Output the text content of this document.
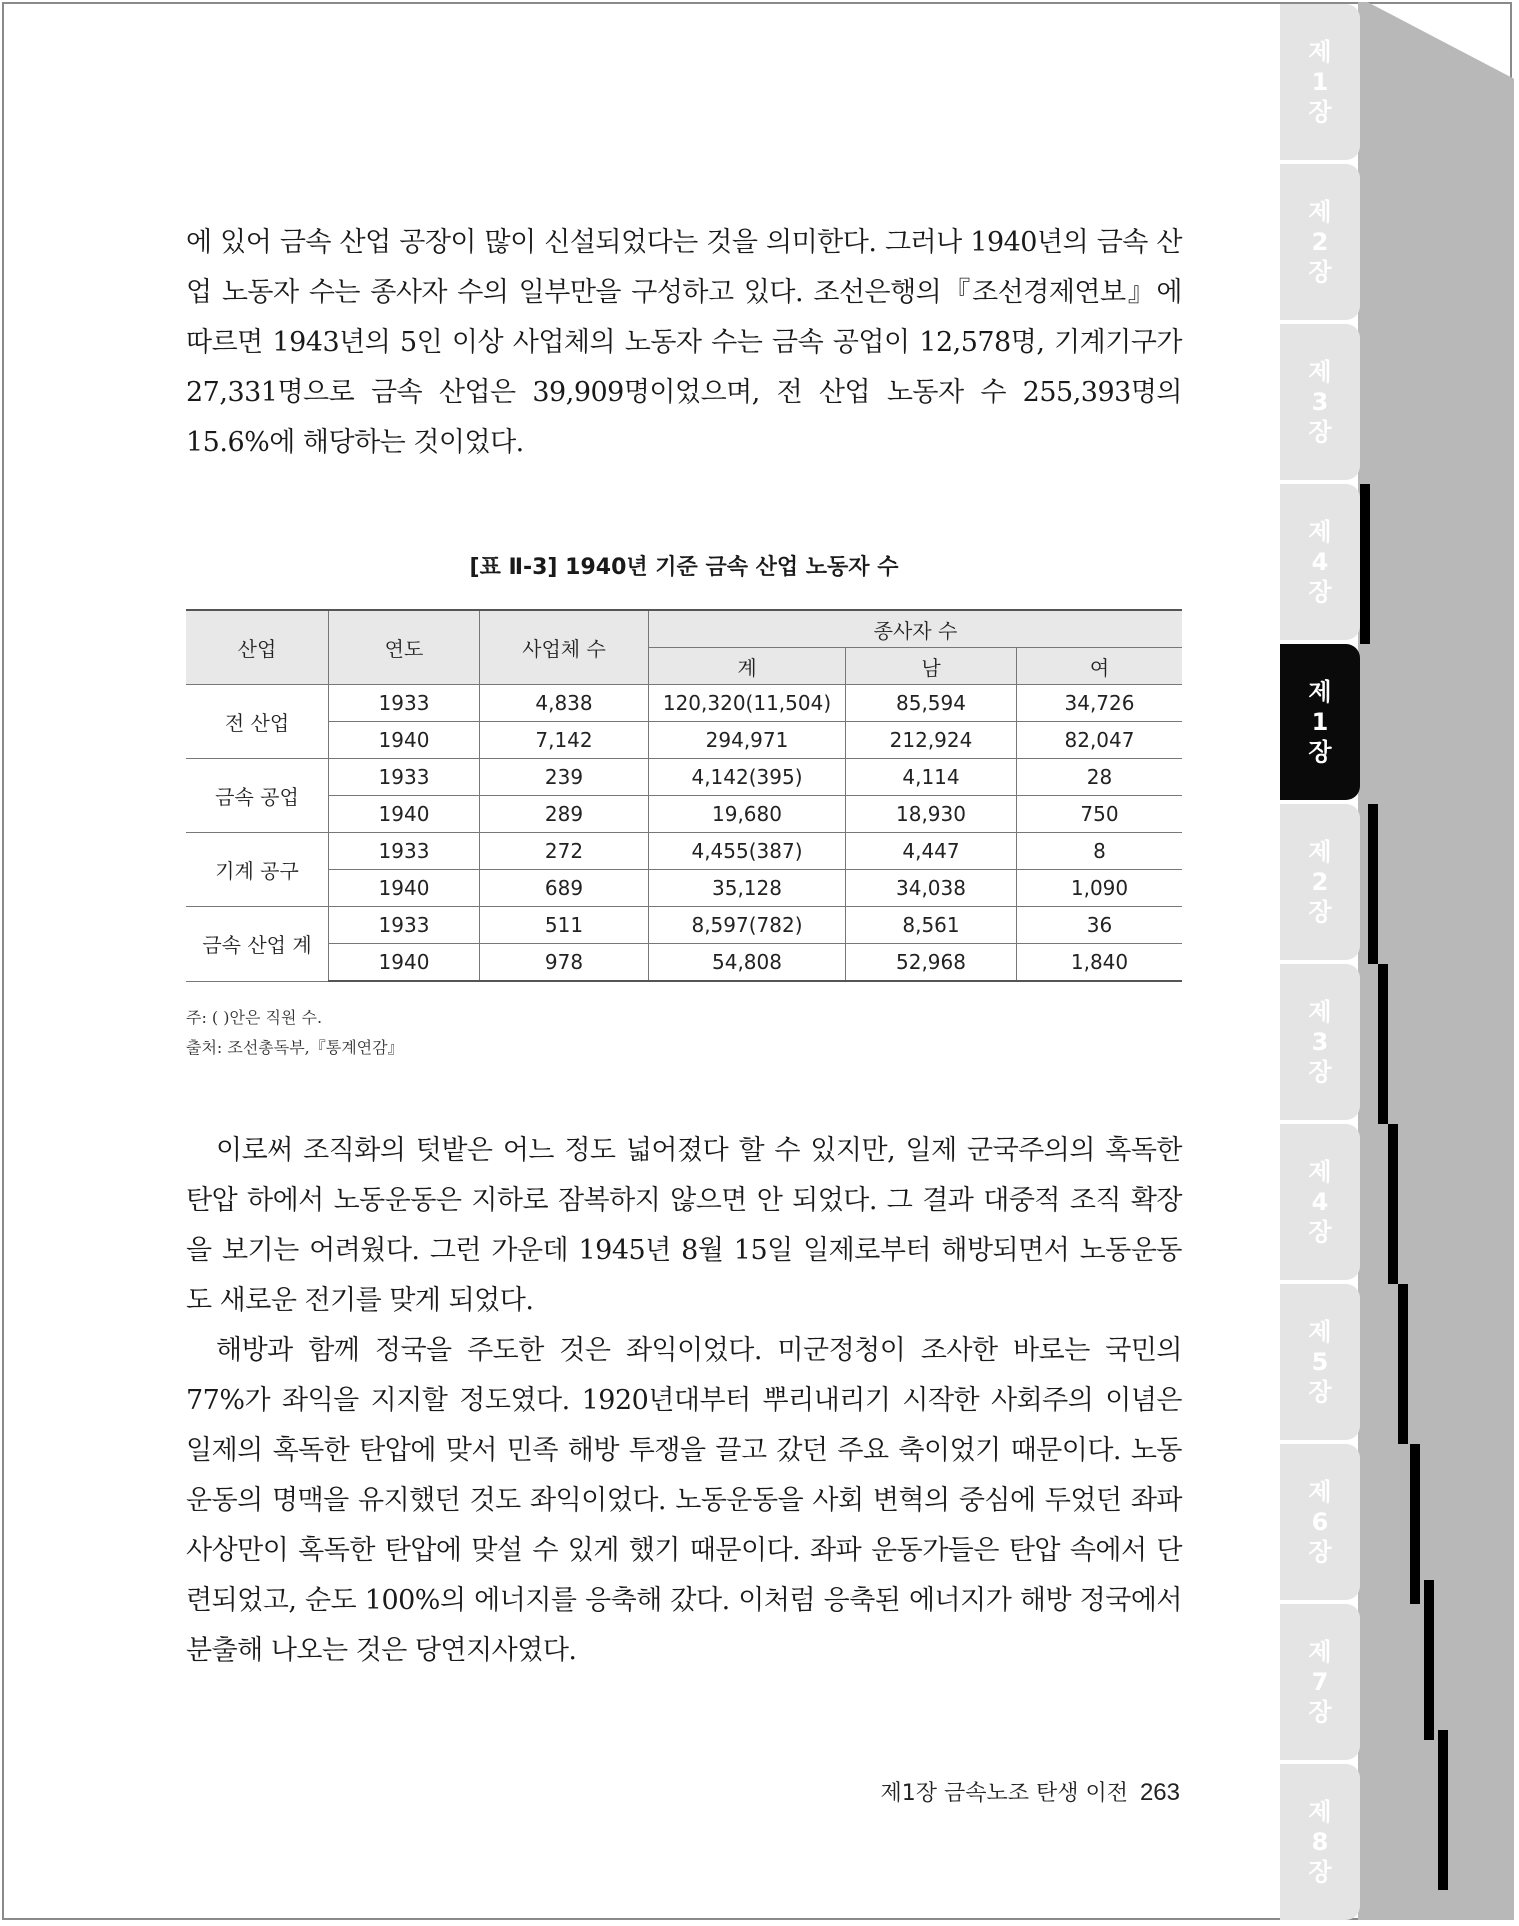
에 있어 금속 산업 공장이 많이 신설되었다는 것을 의미한다. 그러나 1940년의 금속 산업 노동자 수는 종사자 수의 일부만을 구성하고 있다. 조선은행의『조선경제연보』에 따르면 1943년의 5인 이상 사업체의 노동자 수는 금속 공업이 12,578명, 기계기구가 27,331명으로 금속 산업은 39,909명이었으며, 전 산업 노동자 수 255,393명의 15.6%에 해당하는 것이었다.

[표 Ⅱ-3] 1940년 기준 금속 산업 노동자 수

산업	연도	사업체 수	종사자 수		
			계	남	여
전 산업	1933	4,838	120,320(11,504)	85,594	34,726
	1940	7,142	294,971	212,924	82,047
금속 공업	1933	239	4,142(395)	4,114	28
	1940	289	19,680	18,930	750
기계 공구	1933	272	4,455(387)	4,447	8
	1940	689	35,128	34,038	1,090
금속 산업 계	1933	511	8,597(782)	8,561	36
	1940	978	54,808	52,968	1,840

주: ( )안은 직원 수.

출처: 조선총독부,『통계연감』

이로써 조직화의 텃밭은 어느 정도 넓어졌다 할 수 있지만, 일제 군국주의의 혹독한 탄압 하에서 노동운동은 지하로 잠복하지 않으면 안 되었다. 그 결과 대중적 조직 확장을 보기는 어려웠다. 그런 가운데 1945년 8월 15일 일제로부터 해방되면서 노동운동도 새로운 전기를 맞게 되었다.

해방과 함께 정국을 주도한 것은 좌익이었다. 미군정청이 조사한 바로는 국민의 77%가 좌익을 지지할 정도였다. 1920년대부터 뿌리내리기 시작한 사회주의 이념은 일제의 혹독한 탄압에 맞서 민족 해방 투쟁을 끌고 갔던 주요 축이었기 때문이다. 노동운동의 명맥을 유지했던 것도 좌익이었다. 노동운동을 사회 변혁의 중심에 두었던 좌파 사상만이 혹독한 탄압에 맞설 수 있게 했기 때문이다. 좌파 운동가들은 탄압 속에서 단련되었고, 순도 100%의 에너지를 응축해 갔다. 이처럼 응축된 에너지가 해방 정국에서 분출해 나오는 것은 당연지사였다.

제1장 금속노조 탄생 이전 263
제
1
장
제
2
장
제
3
장
제
4
장
제
1
장
제
2
장
제
3
장
제
4
장
제
5
장
제
6
장
제
7
장
제
8
장
